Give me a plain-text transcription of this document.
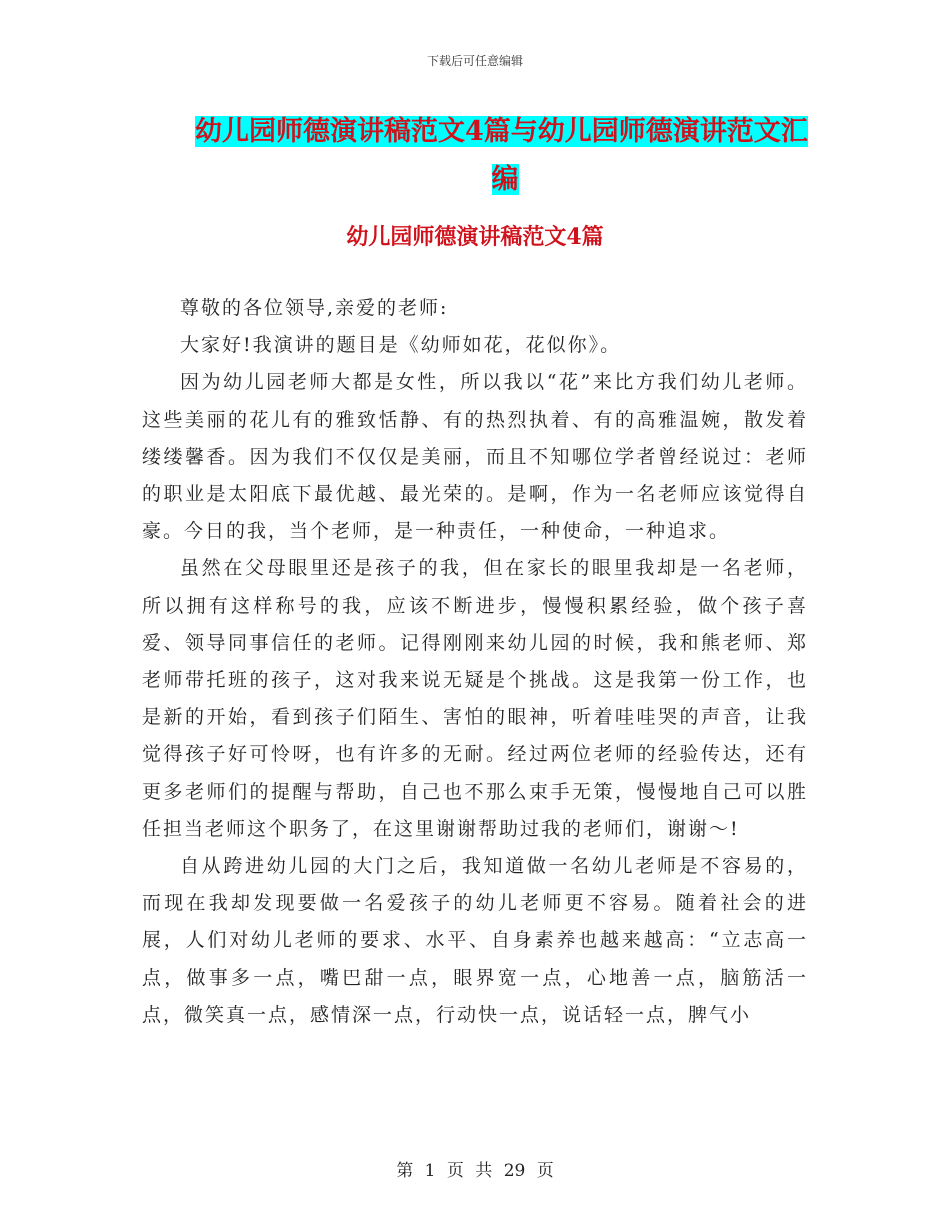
下载后可任意编辑
幼儿园师德演讲稿范文4篇与幼儿园师德演讲范文汇
编
幼儿园师德演讲稿范文4篇

尊敬的各位领导,亲爱的老师:

大家好!我演讲的题目是《幼师如花，花似你》。

因为幼儿园老师大都是女性，所以我以“花”来比方我们幼儿老师。这些美丽的花儿有的雅致恬静、有的热烈执着、有的高雅温婉，散发着缕缕馨香。因为我们不仅仅是美丽，而且不知哪位学者曾经说过：老师的职业是太阳底下最优越、最光荣的。是啊，作为一名老师应该觉得自豪。今日的我，当个老师，是一种责任，一种使命，一种追求。

虽然在父母眼里还是孩子的我，但在家长的眼里我却是一名老师，所以拥有这样称号的我，应该不断进步，慢慢积累经验，做个孩子喜爱、领导同事信任的老师。记得刚刚来幼儿园的时候，我和熊老师、郑老师带托班的孩子，这对我来说无疑是个挑战。这是我第一份工作，也是新的开始，看到孩子们陌生、害怕的眼神，听着哇哇哭的声音，让我觉得孩子好可怜呀，也有许多的无耐。经过两位老师的经验传达，还有更多老师们的提醒与帮助，自己也不那么束手无策，慢慢地自己可以胜任担当老师这个职务了，在这里谢谢帮助过我的老师们，谢谢～!

自从跨进幼儿园的大门之后，我知道做一名幼儿老师是不容易的，而现在我却发现要做一名爱孩子的幼儿老师更不容易。随着社会的进展，人们对幼儿老师的要求、水平、自身素养也越来越高：“立志高一点，做事多一点，嘴巴甜一点，眼界宽一点，心地善一点，脑筋活一点，微笑真一点，感情深一点，行动快一点，说话轻一点，脾气小

第 1 页 共 29 页
